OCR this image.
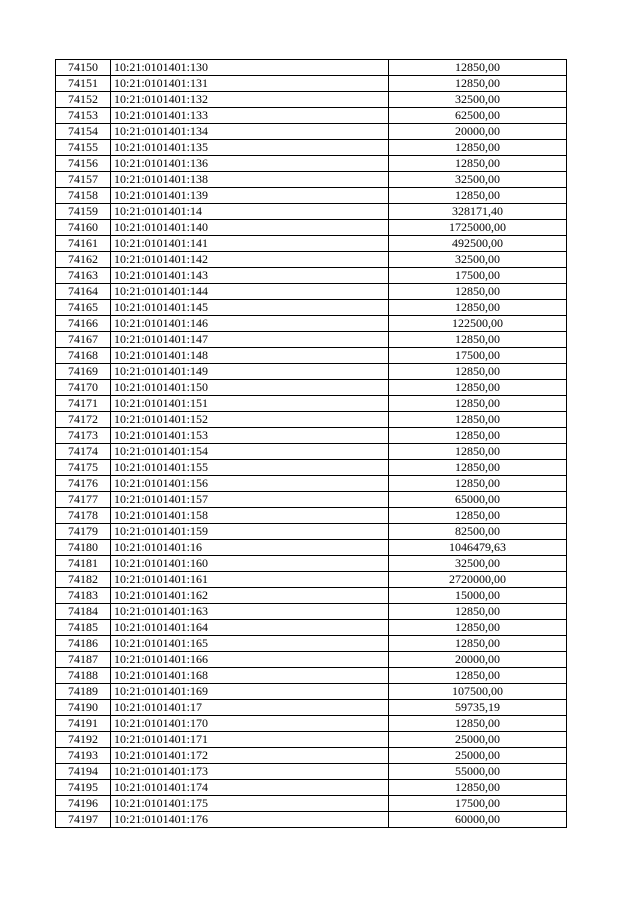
74150	10:21:0101401:130	12850,00
74151	10:21:0101401:131	12850,00
74152	10:21:0101401:132	32500,00
74153	10:21:0101401:133	62500,00
74154	10:21:0101401:134	20000,00
74155	10:21:0101401:135	12850,00
74156	10:21:0101401:136	12850,00
74157	10:21:0101401:138	32500,00
74158	10:21:0101401:139	12850,00
74159	10:21:0101401:14	328171,40
74160	10:21:0101401:140	1725000,00
74161	10:21:0101401:141	492500,00
74162	10:21:0101401:142	32500,00
74163	10:21:0101401:143	17500,00
74164	10:21:0101401:144	12850,00
74165	10:21:0101401:145	12850,00
74166	10:21:0101401:146	122500,00
74167	10:21:0101401:147	12850,00
74168	10:21:0101401:148	17500,00
74169	10:21:0101401:149	12850,00
74170	10:21:0101401:150	12850,00
74171	10:21:0101401:151	12850,00
74172	10:21:0101401:152	12850,00
74173	10:21:0101401:153	12850,00
74174	10:21:0101401:154	12850,00
74175	10:21:0101401:155	12850,00
74176	10:21:0101401:156	12850,00
74177	10:21:0101401:157	65000,00
74178	10:21:0101401:158	12850,00
74179	10:21:0101401:159	82500,00
74180	10:21:0101401:16	1046479,63
74181	10:21:0101401:160	32500,00
74182	10:21:0101401:161	2720000,00
74183	10:21:0101401:162	15000,00
74184	10:21:0101401:163	12850,00
74185	10:21:0101401:164	12850,00
74186	10:21:0101401:165	12850,00
74187	10:21:0101401:166	20000,00
74188	10:21:0101401:168	12850,00
74189	10:21:0101401:169	107500,00
74190	10:21:0101401:17	59735,19
74191	10:21:0101401:170	12850,00
74192	10:21:0101401:171	25000,00
74193	10:21:0101401:172	25000,00
74194	10:21:0101401:173	55000,00
74195	10:21:0101401:174	12850,00
74196	10:21:0101401:175	17500,00
74197	10:21:0101401:176	60000,00
